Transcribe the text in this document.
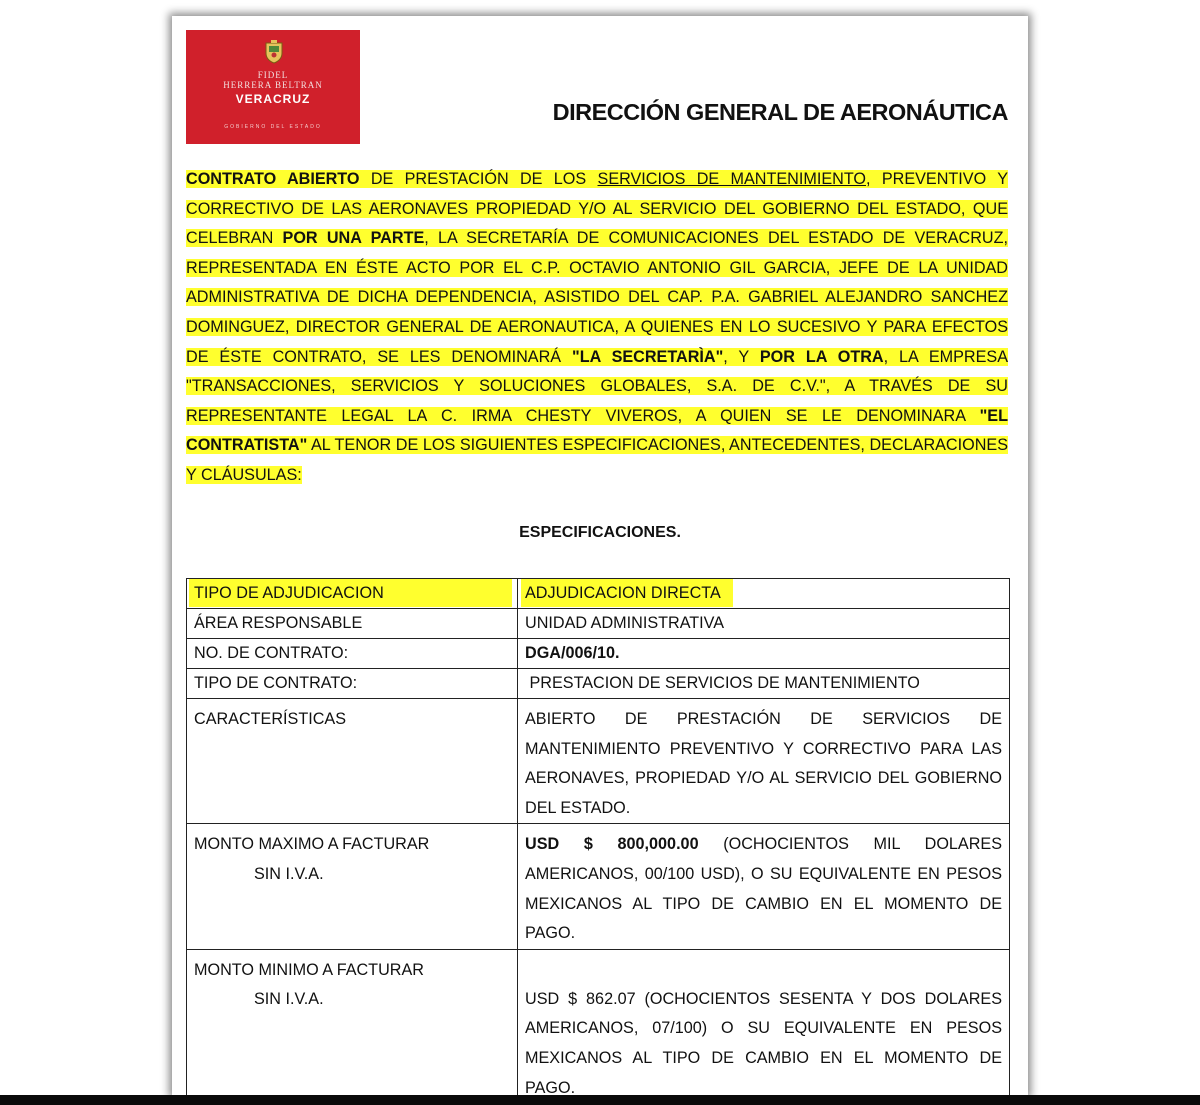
FIDEL
HERRERA BELTRAN
VERACRUZ
GOBIERNO DEL ESTADO
DIRECCIÓN GENERAL DE AERONÁUTICA

CONTRATO ABIERTO DE PRESTACIÓN DE LOS SERVICIOS DE MANTENIMIENTO, PREVENTIVO Y CORRECTIVO DE LAS AERONAVES PROPIEDAD Y/O AL SERVICIO DEL GOBIERNO DEL ESTADO, QUE CELEBRAN POR UNA PARTE, LA SECRETARÍA DE COMUNICACIONES DEL ESTADO DE VERACRUZ, REPRESENTADA EN ÉSTE ACTO POR EL C.P. OCTAVIO ANTONIO GIL GARCIA, JEFE DE LA UNIDAD ADMINISTRATIVA DE DICHA DEPENDENCIA, ASISTIDO DEL CAP. P.A. GABRIEL ALEJANDRO SANCHEZ DOMINGUEZ, DIRECTOR GENERAL DE AERONAUTICA, A QUIENES EN LO SUCESIVO Y PARA EFECTOS DE ÉSTE CONTRATO, SE LES DENOMINARÁ "LA SECRETARÌA", Y POR LA OTRA, LA EMPRESA "TRANSACCIONES, SERVICIOS Y SOLUCIONES GLOBALES, S.A. DE C.V.", A TRAVÉS DE SU REPRESENTANTE LEGAL LA C. IRMA CHESTY VIVEROS, A QUIEN SE LE DENOMINARA "EL CONTRATISTA" AL TENOR DE LOS SIGUIENTES ESPECIFICACIONES, ANTECEDENTES, DECLARACIONES Y CLÁUSULAS:

ESPECIFICACIONES.
TIPO DE ADJUDICACION	ADJUDICACION DIRECTA
ÁREA RESPONSABLE	UNIDAD ADMINISTRATIVA
NO. DE CONTRATO:	DGA/006/10.
TIPO DE CONTRATO:	PRESTACION DE SERVICIOS DE MANTENIMIENTO
CARACTERÍSTICAS	ABIERTO DE PRESTACIÓN DE SERVICIOS DE MANTENIMIENTO PREVENTIVO Y CORRECTIVO PARA LAS AERONAVES, PROPIEDAD Y/O AL SERVICIO DEL GOBIERNO DEL ESTADO.
MONTO MAXIMO A FACTURAR
SIN I.V.A.	USD $ 800,000.00 (OCHOCIENTOS MIL DOLARES AMERICANOS, 00/100 USD), O SU EQUIVALENTE EN PESOS MEXICANOS AL TIPO DE CAMBIO EN EL MOMENTO DE PAGO.
MONTO MINIMO A FACTURAR
SIN I.V.A.	USD $ 862.07 (OCHOCIENTOS SESENTA Y DOS DOLARES AMERICANOS, 07/100) O SU EQUIVALENTE EN PESOS MEXICANOS AL TIPO DE CAMBIO EN EL MOMENTO DE PAGO.
